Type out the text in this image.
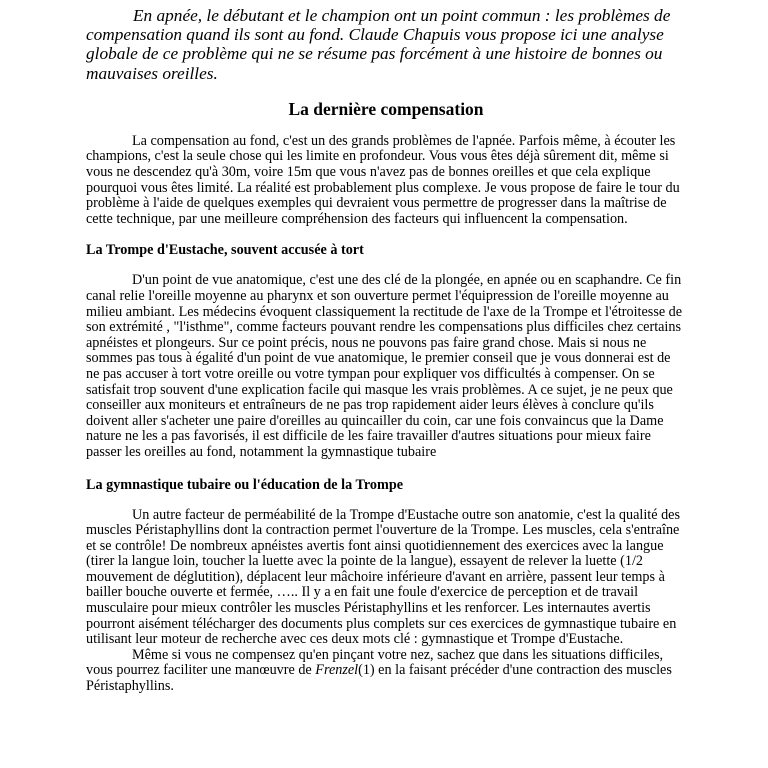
En apnée, le débutant et le champion ont un point commun : les problèmes de compensation quand ils sont au fond. Claude Chapuis vous propose ici une analyse globale de ce problème qui ne se résume pas forcément à une histoire de bonnes ou mauvaises oreilles.

La dernière compensation

La compensation au fond, c'est un des grands problèmes de l'apnée. Parfois même, à écouter les champions, c'est la seule chose qui les limite en profondeur. Vous vous êtes déjà sûrement dit, même si vous ne descendez qu'à 30m, voire 15m que vous n'avez pas de bonnes oreilles et que cela explique pourquoi vous êtes limité. La réalité est probablement plus complexe. Je vous propose de faire le tour du problème à l'aide de quelques exemples qui devraient vous permettre de progresser dans la maîtrise de cette technique, par une meilleure compréhension des facteurs qui influencent la compensation.

La Trompe d'Eustache, souvent accusée à tort

D'un point de vue anatomique, c'est une des clé de la plongée, en apnée ou en scaphandre. Ce fin canal relie l'oreille moyenne au pharynx et son ouverture permet l'équipression de l'oreille moyenne au milieu ambiant. Les médecins évoquent classiquement la rectitude de l'axe de la Trompe et l'étroitesse de son extrémité , "l'isthme", comme facteurs pouvant rendre les compensations plus difficiles chez certains apnéistes et plongeurs. Sur ce point précis, nous ne pouvons pas faire grand chose. Mais si nous ne sommes pas tous à égalité d'un point de vue anatomique, le premier conseil que je vous donnerai est de ne pas accuser à tort votre oreille ou votre tympan pour expliquer vos difficultés à compenser. On se satisfait trop souvent d'une explication facile qui masque les vrais problèmes. A ce sujet, je ne peux que conseiller aux moniteurs et entraîneurs de ne pas trop rapidement aider leurs élèves à conclure qu'ils doivent aller s'acheter une paire d'oreilles au quincailler du coin, car une fois convaincus que la Dame nature ne les a pas favorisés, il est difficile de les faire travailler d'autres situations pour mieux faire passer les oreilles au fond, notamment la gymnastique tubaire

La gymnastique tubaire ou l'éducation de la Trompe

Un autre facteur de perméabilité de la Trompe d'Eustache outre son anatomie, c'est la qualité des muscles Péristaphyllins dont la contraction permet l'ouverture de la Trompe. Les muscles, cela s'entraîne et se contrôle! De nombreux apnéistes avertis font ainsi quotidiennement des exercices avec la langue (tirer la langue loin, toucher la luette avec la pointe de la langue), essayent de relever la luette (1/2 mouvement de déglutition), déplacent leur mâchoire inférieure d'avant en arrière, passent leur temps à bailler bouche ouverte et fermée, ….. Il y a en fait une foule d'exercice de perception et de travail musculaire pour mieux contrôler les muscles Péristaphyllins et les renforcer. Les internautes avertis pourront aisément télécharger des documents plus complets sur ces exercices de gymnastique tubaire en utilisant leur moteur de recherche avec ces deux mots clé : gymnastique et Trompe d'Eustache.

Même si vous ne compensez qu'en pinçant votre nez, sachez que dans les situations difficiles, vous pourrez faciliter une manœuvre de Frenzel(1) en la faisant précéder d'une contraction des muscles Péristaphyllins.
